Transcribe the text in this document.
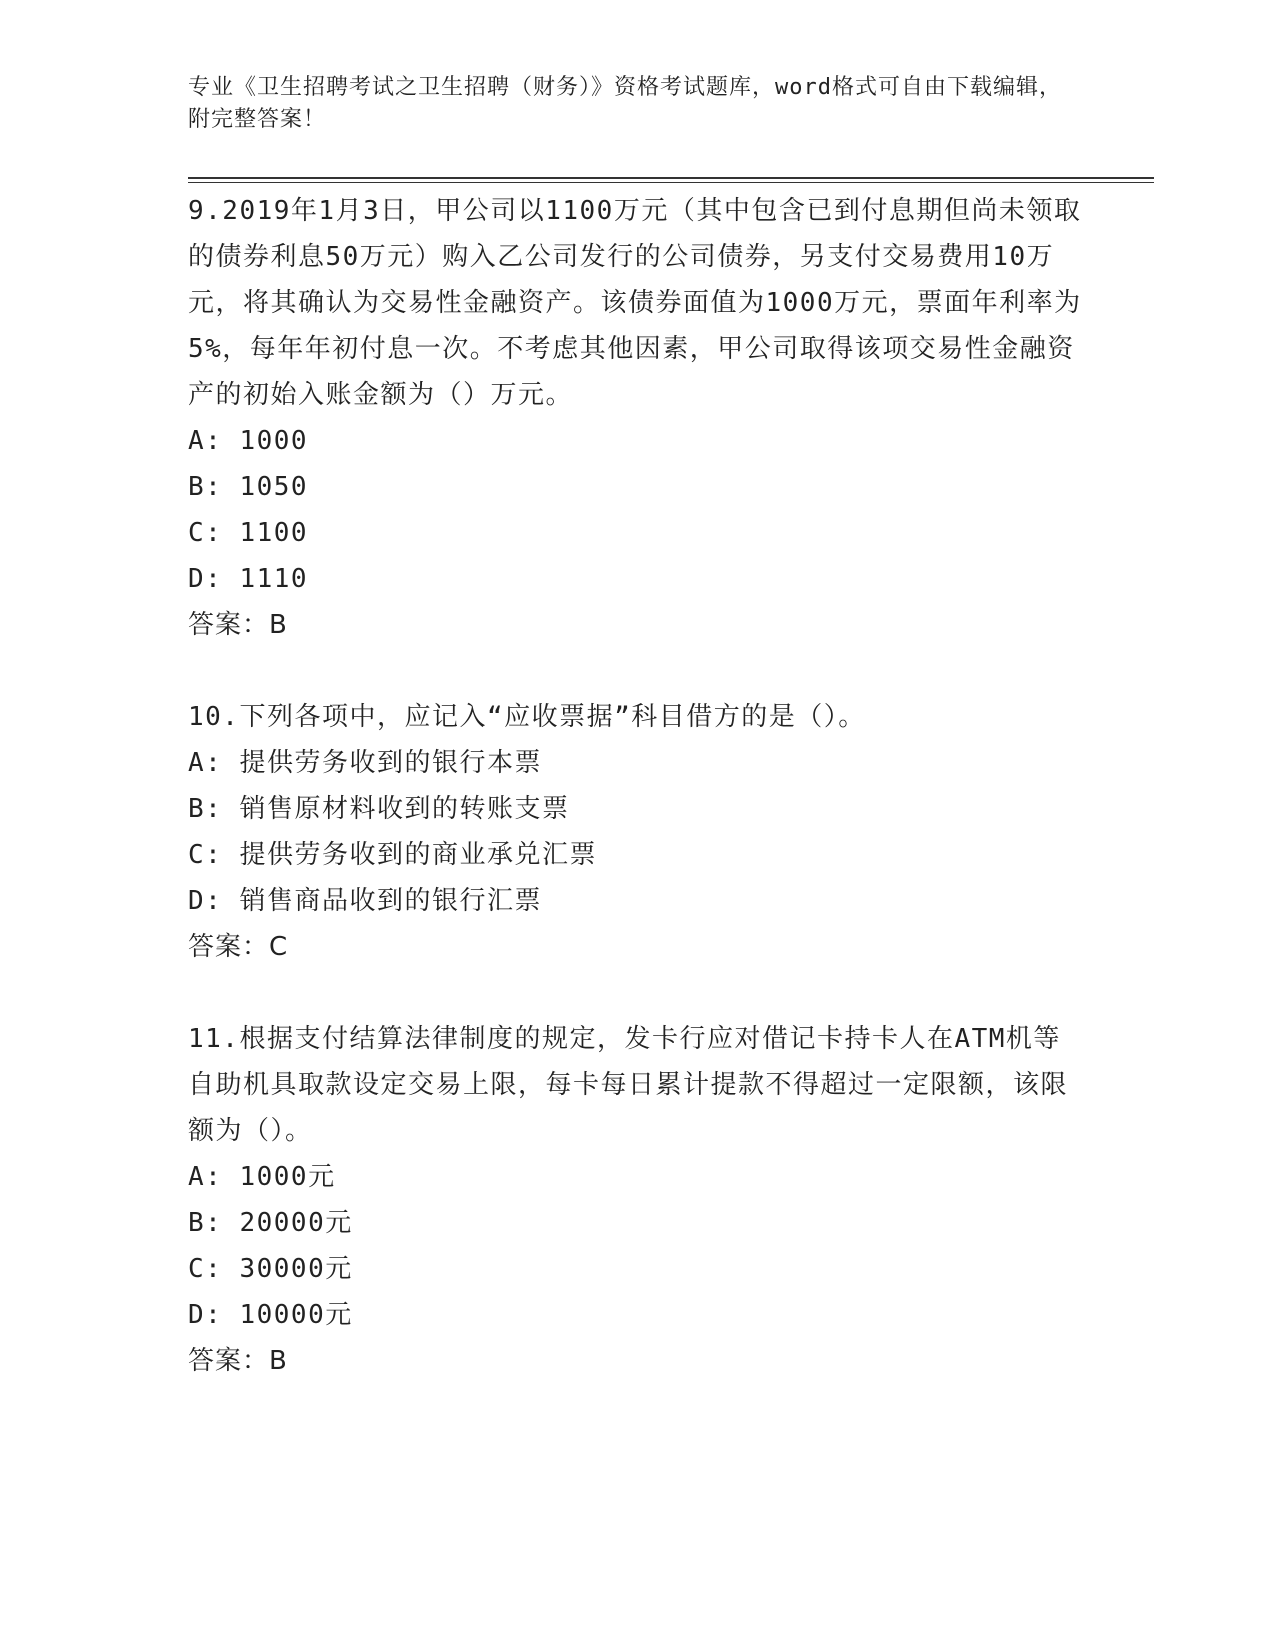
专业《卫生招聘考试之卫生招聘（财务）》资格考试题库，word格式可自由下载编辑，附完整答案！
9.2019年1月3日，甲公司以1100万元（其中包含已到付息期但尚未领取的债券利息50万元）购入乙公司发行的公司债券，另支付交易费用10万元，将其确认为交易性金融资产。该债券面值为1000万元，票面年利率为5%，每年年初付息一次。不考虑其他因素，甲公司取得该项交易性金融资产的初始入账金额为（）万元。
A: 1000
B: 1050
C: 1100
D: 1110
答案：B
10.下列各项中，应记入“应收票据”科目借方的是（）。
A: 提供劳务收到的银行本票
B: 销售原材料收到的转账支票
C: 提供劳务收到的商业承兑汇票
D: 销售商品收到的银行汇票
答案：C
11.根据支付结算法律制度的规定，发卡行应对借记卡持卡人在ATM机等自助机具取款设定交易上限，每卡每日累计提款不得超过一定限额，该限额为（）。
A: 1000元
B: 20000元
C: 30000元
D: 10000元
答案：B
